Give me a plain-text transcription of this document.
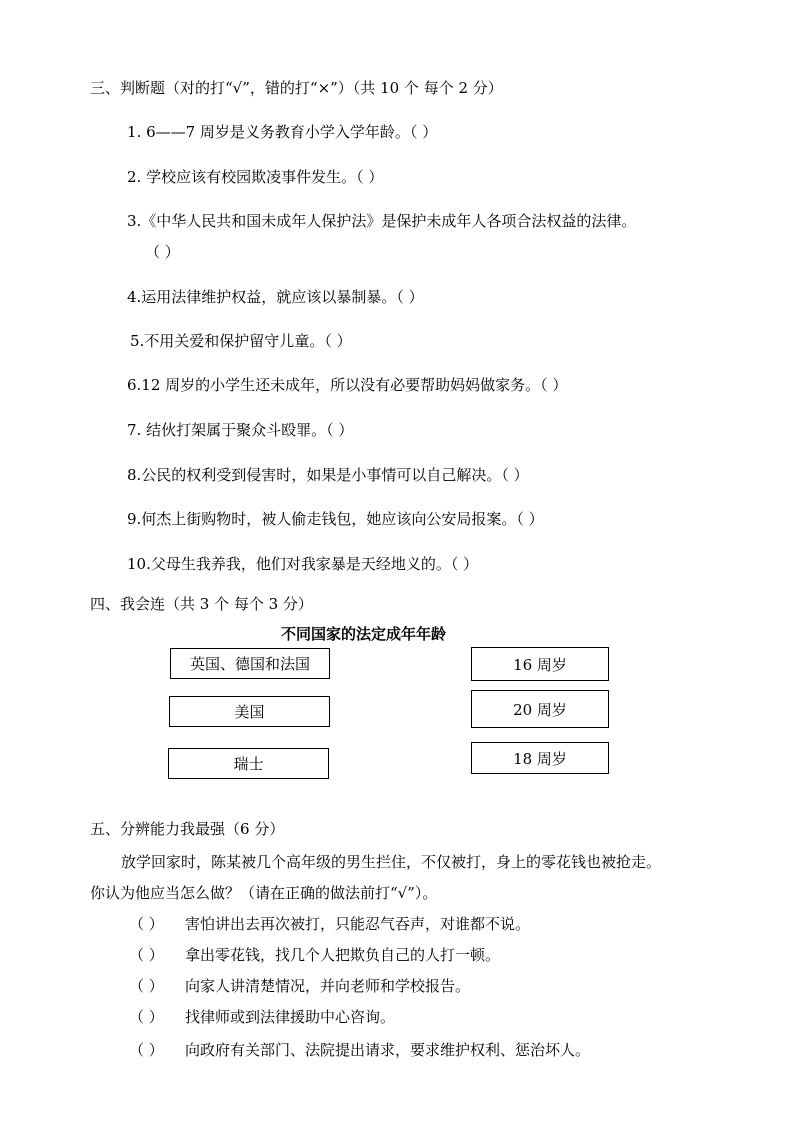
三、判断题（对的打“√”，错的打“×”）（共 10 个 每个 2 分）
1. 6——7 周岁是义务教育小学入学年龄。（ ）
2. 学校应该有校园欺凌事件发生。（ ）
3.《中华人民共和国未成年人保护法》是保护未成年人各项合法权益的法律。
（ ）
4.运用法律维护权益，就应该以暴制暴。（ ）
5.不用关爱和保护留守儿童。（ ）
6.12 周岁的小学生还未成年，所以没有必要帮助妈妈做家务。（ ）
7. 结伙打架属于聚众斗殴罪。（ ）
8.公民的权利受到侵害时，如果是小事情可以自己解决。（ ）
9.何杰上街购物时，被人偷走钱包，她应该向公安局报案。（ ）
10.父母生我养我，他们对我家暴是天经地义的。（ ）
四、我会连（共 3 个 每个 3 分）
不同国家的法定成年年龄
英国、德国和法国
美国
瑞士
16 周岁
20 周岁
18 周岁
五、分辨能力我最强（6 分）
放学回家时，陈某被几个高年级的男生拦住，不仅被打，身上的零花钱也被抢走。
你认为他应当怎么做？（请在正确的做法前打“√”）。
（ ） 害怕讲出去再次被打，只能忍气吞声，对谁都不说。
（ ） 拿出零花钱，找几个人把欺负自己的人打一顿。
（ ） 向家人讲清楚情况，并向老师和学校报告。
（ ） 找律师或到法律援助中心咨询。
（ ） 向政府有关部门、法院提出请求，要求维护权利、惩治坏人。
